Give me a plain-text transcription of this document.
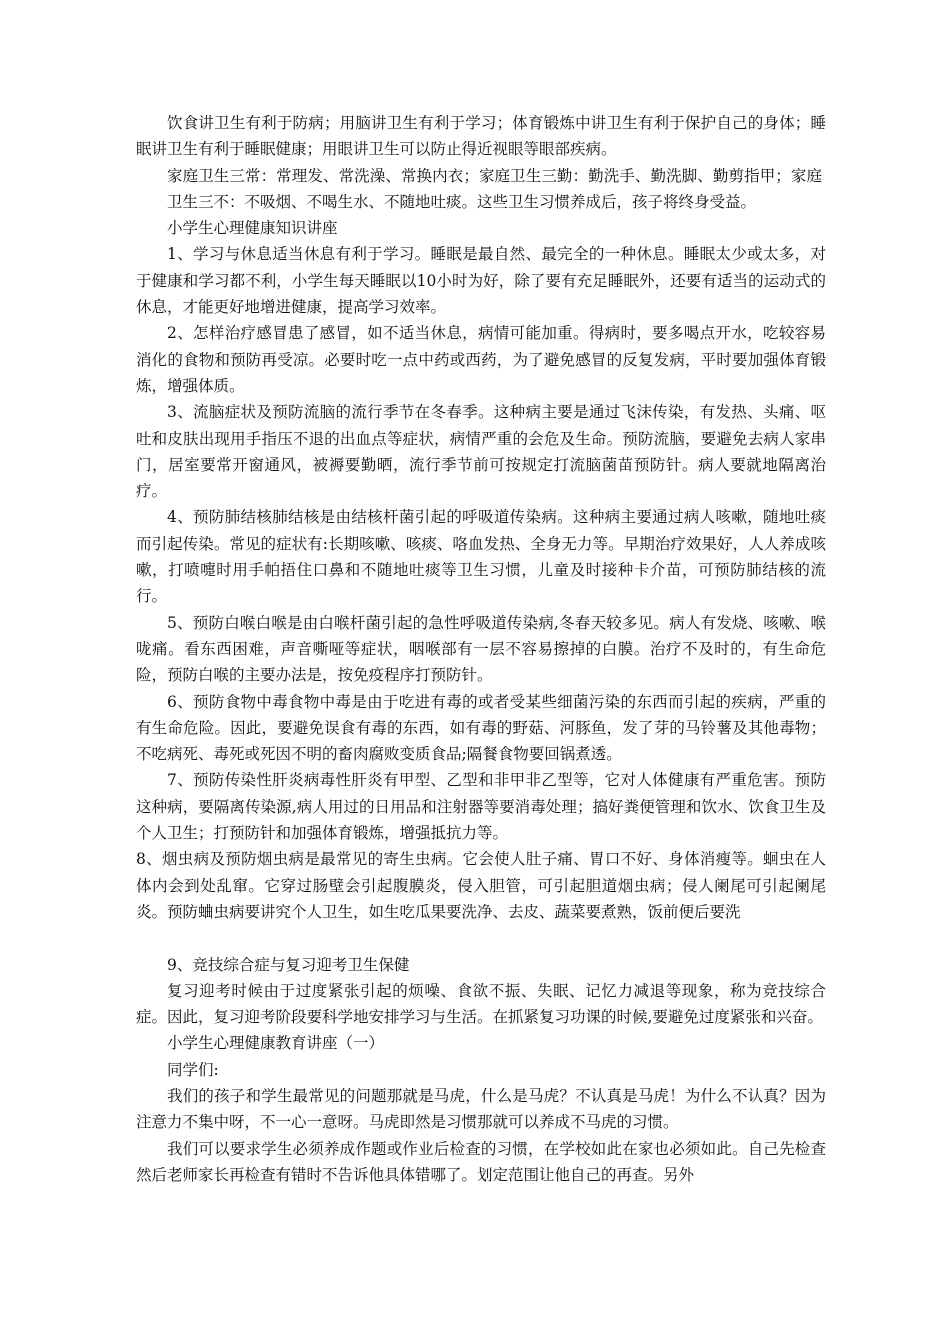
饮食讲卫生有利于防病；用脑讲卫生有利于学习；体育锻炼中讲卫生有利于保护自己的身体；睡眠讲卫生有利于睡眠健康；用眼讲卫生可以防止得近视眼等眼部疾病。

家庭卫生三常：常理发、常洗澡、常换内衣；家庭卫生三勤：勤洗手、勤洗脚、勤剪指甲；家庭卫生三不：不吸烟、不喝生水、不随地吐痰。这些卫生习惯养成后，孩子将终身受益。

小学生心理健康知识讲座

1、学习与休息适当休息有利于学习。睡眠是最自然、最完全的一种休息。睡眠太少或太多，对于健康和学习都不利，小学生每天睡眠以10小时为好，除了要有充足睡眠外，还要有适当的运动式的休息，才能更好地增进健康，提高学习效率。

2、怎样治疗感冒患了感冒，如不适当休息，病情可能加重。得病时，要多喝点开水，吃较容易消化的食物和预防再受凉。必要时吃一点中药或西药，为了避免感冒的反复发病，平时要加强体育锻炼，增强体质。

3、流脑症状及预防流脑的流行季节在冬春季。这种病主要是通过飞沫传染，有发热、头痛、呕吐和皮肤出现用手指压不退的出血点等症状，病情严重的会危及生命。预防流脑，要避免去病人家串门，居室要常开窗通风，被褥要勤晒，流行季节前可按规定打流脑菌苗预防针。病人要就地隔离治疗。

4、预防肺结核肺结核是由结核杆菌引起的呼吸道传染病。这种病主要通过病人咳嗽，随地吐痰而引起传染。常见的症状有:长期咳嗽、咳痰、咯血发热、全身无力等。早期治疗效果好，人人养成咳嗽，打喷嚏时用手帕捂住口鼻和不随地吐痰等卫生习惯，儿童及时接种卡介苗，可预防肺结核的流行。

5、预防白喉白喉是由白喉杆菌引起的急性呼吸道传染病,冬春天较多见。病人有发烧、咳嗽、喉咙痛。看东西困难，声音嘶哑等症状，咽喉部有一层不容易擦掉的白膜。治疗不及时的，有生命危险，预防白喉的主要办法是，按免疫程序打预防针。

6、预防食物中毒食物中毒是由于吃进有毒的或者受某些细菌污染的东西而引起的疾病，严重的有生命危险。因此，要避免误食有毒的东西，如有毒的野菇、河豚鱼，发了芽的马铃薯及其他毒物；不吃病死、毒死或死因不明的畜肉腐败变质食品;隔餐食物要回锅煮透。

7、预防传染性肝炎病毒性肝炎有甲型、乙型和非甲非乙型等，它对人体健康有严重危害。预防这种病，要隔离传染源,病人用过的日用品和注射器等要消毒处理；搞好粪便管理和饮水、饮食卫生及个人卫生；打预防针和加强体育锻炼，增强抵抗力等。

8、烟虫病及预防烟虫病是最常见的寄生虫病。它会使人肚子痛、胃口不好、身体消瘦等。蛔虫在人体内会到处乱窜。它穿过肠壁会引起腹膜炎，侵入胆管，可引起胆道烟虫病；侵人阑尾可引起阑尾炎。预防蛐虫病要讲究个人卫生，如生吃瓜果要洗净、去皮、蔬菜要煮熟，饭前便后要洗

9、竞技综合症与复习迎考卫生保健

复习迎考时候由于过度紧张引起的烦噪、食欲不振、失眠、记忆力减退等现象，称为竞技综合症。因此，复习迎考阶段要科学地安排学习与生活。在抓紧复习功课的时候,要避免过度紧张和兴奋。

小学生心理健康教育讲座（一）

同学们:

我们的孩子和学生最常见的问题那就是马虎，什么是马虎？不认真是马虎！为什么不认真？因为注意力不集中呀，不一心一意呀。马虎即然是习惯那就可以养成不马虎的习惯。

我们可以要求学生必须养成作题或作业后检查的习惯，在学校如此在家也必须如此。自己先检查然后老师家长再检查有错时不告诉他具体错哪了。划定范围让他自己的再查。另外
